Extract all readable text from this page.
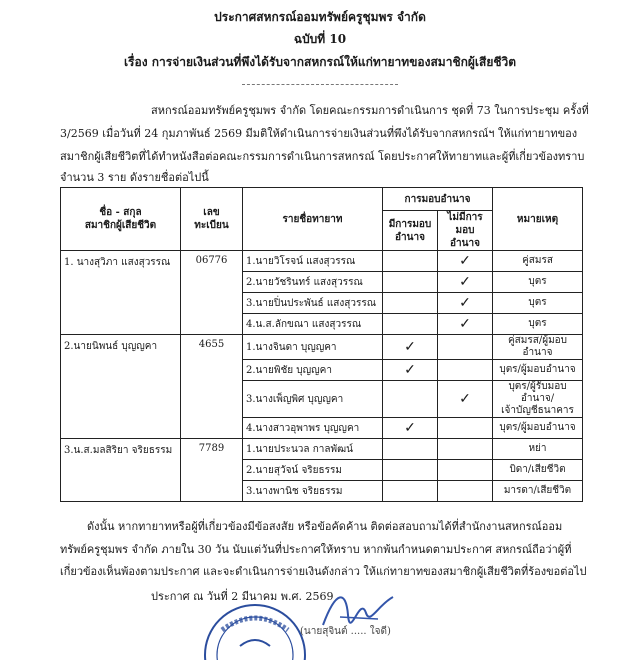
ประกาศสหกรณ์ออมทรัพย์ครูชุมพร จำกัด
ฉบับที่ 10
เรื่อง การจ่ายเงินส่วนที่พึงได้รับจากสหกรณ์ให้แก่ทายาทของสมาชิกผู้เสียชีวิต
สหกรณ์ออมทรัพย์ครูชุมพร จำกัด โดยคณะกรรมการดำเนินการ ชุดที่ 73 ในการประชุม ครั้งที่
3/2569 เมื่อวันที่ 24 กุมภาพันธ์ 2569 มีมติให้ดำเนินการจ่ายเงินส่วนที่พึงได้รับจากสหกรณ์ฯ ให้แก่ทายาทของ
สมาชิกผู้เสียชีวิตที่ได้ทำหนังสือต่อคณะกรรมการดำเนินการสหกรณ์ โดยประกาศให้ทายาทและผู้ที่เกี่ยวข้องทราบ
จำนวน 3 ราย ดังรายชื่อต่อไปนี้
ชื่อ - สกุล
สมาชิกผู้เสียชีวิต	เลข
ทะเบียน	รายชื่อทายาท	การมอบอำนาจ		หมายเหตุ
			มีการมอบ
อำนาจ	ไม่มีการ
มอบอำนาจ	
1. นางสุวิภา แสงสุวรรณ	06776	1.นายวิโรจน์ แสงสุวรรณ		✓	คู่สมรส
		2.นายวัชรินทร์ แสงสุวรรณ		✓	บุตร
		3.นายปิ่นประพันธ์ แสงสุวรรณ		✓	บุตร
		4.น.ส.ลักขณา แสงสุวรรณ		✓	บุตร
2.นายนิพนธ์ บุญญคา	4655	1.นางจินดา บุญญคา	✓		คู่สมรส/ผู้มอบอำนาจ
		2.นายพิชัย บุญญคา	✓		บุตร/ผู้มอบอำนาจ
		3.นางเพ็ญพิศ บุญญคา		✓	บุตร/ผู้รับมอบอำนาจ/
เจ้าบัญชีธนาคาร
		4.นางสาวอุพาพร บุญญคา	✓		บุตร/ผู้มอบอำนาจ
3.น.ส.มลสิริยา จริยธรรม	7789	1.นายประนวล กาลพัฒน์			หย่า
		2.นายสุวัจน์ จริยธรรม			บิดา/เสียชีวิต
		3.นางพานิช จริยธรรม			มารดา/เสียชีวิต
ดังนั้น หากทายาทหรือผู้ที่เกี่ยวข้องมีข้อสงสัย หรือข้อคัดค้าน ติดต่อสอบถามได้ที่สำนักงานสหกรณ์ออม
ทรัพย์ครูชุมพร จำกัด ภายใน 30 วัน นับแต่วันที่ประกาศให้ทราบ หากพ้นกำหนดตามประกาศ สหกรณ์ถือว่าผู้ที่
เกี่ยวข้องเห็นพ้องตามประกาศ และจะดำเนินการจ่ายเงินดังกล่าว ให้แก่ทายาทของสมาชิกผู้เสียชีวิตที่ร้องขอต่อไป
ประกาศ ณ วันที่ 2 มีนาคม พ.ศ. 2569
(นายสุจินต์ ..... ใจดี)
